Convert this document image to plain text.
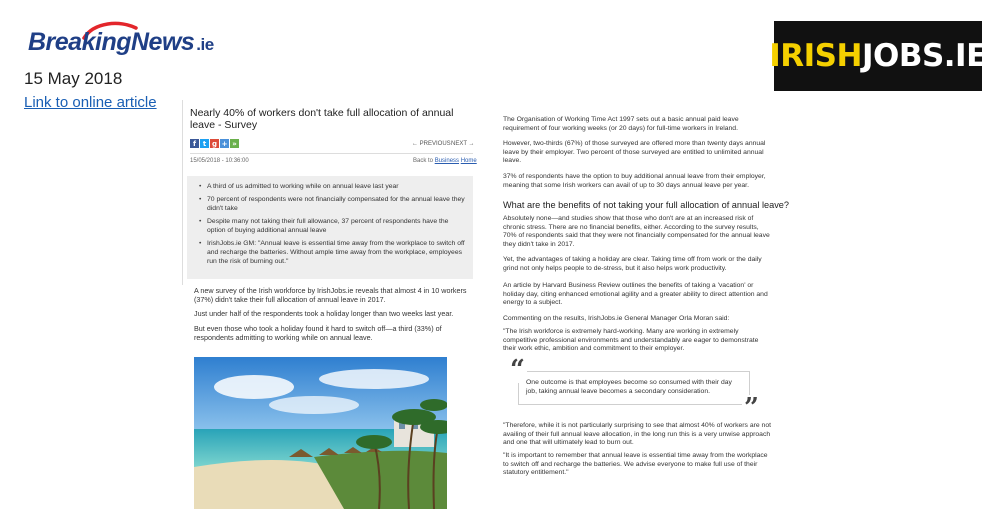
BreakingNews .ie
15 May 2018
Link to online article
IRISHJOBS.IE
Nearly 40% of workers don't take full allocation of annual leave - Survey
f t g + »	← PREVIOUS NEXT →
15/05/2018 - 10:36:00	Back to Business Home
• A third of us admitted to working while on annual leave last year
• 70 percent of respondents were not financially compensated for the annual leave they didn't take
• Despite many not taking their full allowance, 37 percent of respondents have the option of buying additional annual leave
• IrishJobs.ie GM: "Annual leave is essential time away from the workplace to switch off and recharge the batteries. Without ample time away from the workplace, employees run the risk of burning out."

A new survey of the Irish workforce by IrishJobs.ie reveals that almost 4 in 10 workers (37%) didn't take their full allocation of annual leave in 2017.

Just under half of the respondents took a holiday longer than two weeks last year.

But even those who took a holiday found it hard to switch off—a third (33%) of respondents admitting to working while on annual leave.

The Organisation of Working Time Act 1997 sets out a basic annual paid leave requirement of four working weeks (or 20 days) for full-time workers in Ireland.

However, two-thirds (67%) of those surveyed are offered more than twenty days annual leave by their employer. Two percent of those surveyed are entitled to unlimited annual leave.

37% of respondents have the option to buy additional annual leave from their employer, meaning that some Irish workers can avail of up to 30 days annual leave per year.

What are the benefits of not taking your full allocation of annual leave?

Absolutely none—and studies show that those who don't are at an increased risk of chronic stress. There are no financial benefits, either. According to the survey results, 70% of respondents said that they were not financially compensated for the annual leave they didn't take in 2017.

Yet, the advantages of taking a holiday are clear. Taking time off from work or the daily grind not only helps people to de-stress, but it also helps work productivity.

An article by Harvard Business Review outlines the benefits of taking a 'vacation' or holiday day, citing enhanced emotional agility and a greater ability to direct attention and energy to a subject.

Commenting on the results, IrishJobs.ie General Manager Orla Moran said:

"The Irish workforce is extremely hard-working. Many are working in extremely competitive professional environments and understandably are eager to demonstrate their work ethic, ambition and commitment to their employer.

“ One outcome is that employees become so consumed with their day job, taking annual leave becomes a secondary consideration.
”

"Therefore, while it is not particularly surprising to see that almost 40% of workers are not availing of their full annual leave allocation, in the long run this is a very unwise approach and one that will ultimately lead to burn out.

"It is important to remember that annual leave is essential time away from the workplace to switch off and recharge the batteries. We advise everyone to make full use of their statutory entitlement."
